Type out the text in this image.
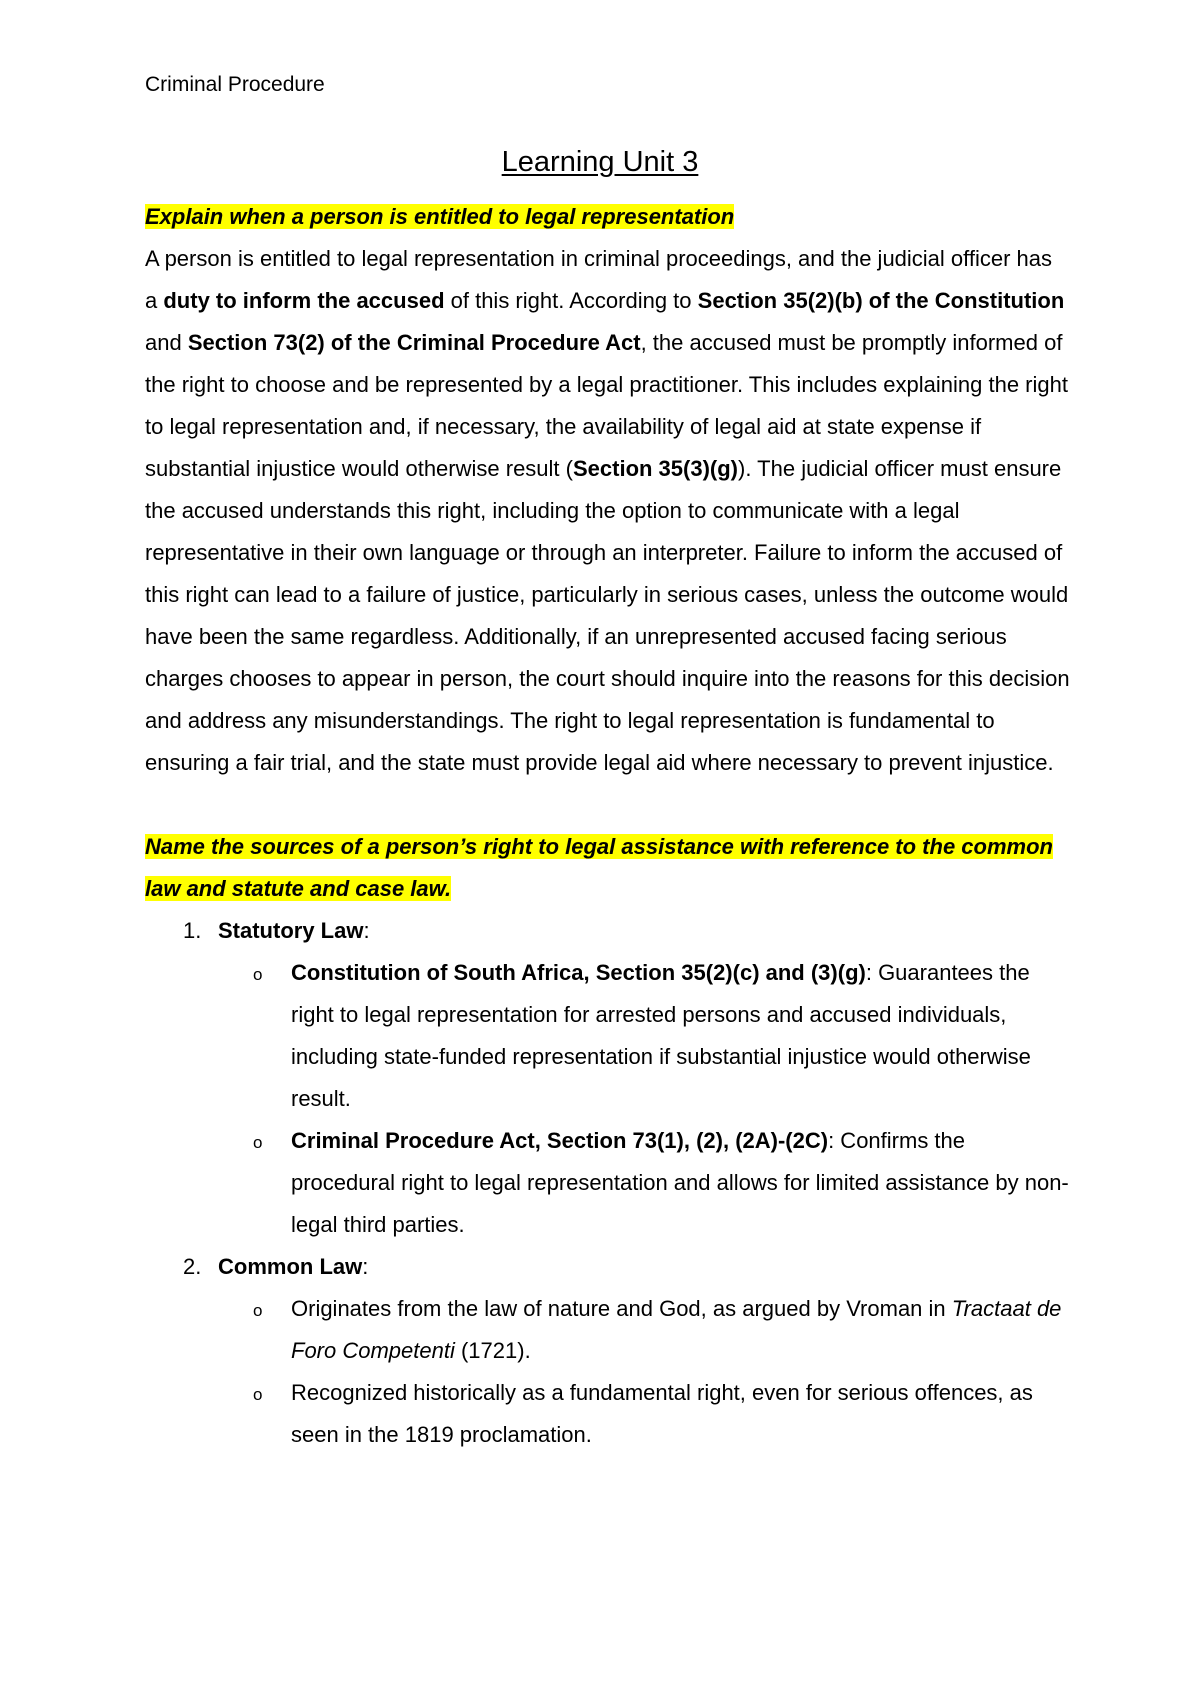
Criminal Procedure
Learning Unit 3

Explain when a person is entitled to legal representation

A person is entitled to legal representation in criminal proceedings, and the judicial officer has a duty to inform the accused of this right. According to Section 35(2)(b) of the Constitution and Section 73(2) of the Criminal Procedure Act, the accused must be promptly informed of the right to choose and be represented by a legal practitioner. This includes explaining the right to legal representation and, if necessary, the availability of legal aid at state expense if substantial injustice would otherwise result (Section 35(3)(g)). The judicial officer must ensure the accused understands this right, including the option to communicate with a legal representative in their own language or through an interpreter. Failure to inform the accused of this right can lead to a failure of justice, particularly in serious cases, unless the outcome would have been the same regardless. Additionally, if an unrepresented accused facing serious charges chooses to appear in person, the court should inquire into the reasons for this decision and address any misunderstandings. The right to legal representation is fundamental to ensuring a fair trial, and the state must provide legal aid where necessary to prevent injustice.

Name the sources of a person’s right to legal assistance with reference to the common law and statute and case law.

1. Statutory Law:
o Constitution of South Africa, Section 35(2)(c) and (3)(g): Guarantees the right to legal representation for arrested persons and accused individuals, including state-funded representation if substantial injustice would otherwise result.
o Criminal Procedure Act, Section 73(1), (2), (2A)-(2C): Confirms the procedural right to legal representation and allows for limited assistance by non-legal third parties.
2. Common Law:
o Originates from the law of nature and God, as argued by Vroman in Tractaat de Foro Competenti (1721).
o Recognized historically as a fundamental right, even for serious offences, as seen in the 1819 proclamation.
